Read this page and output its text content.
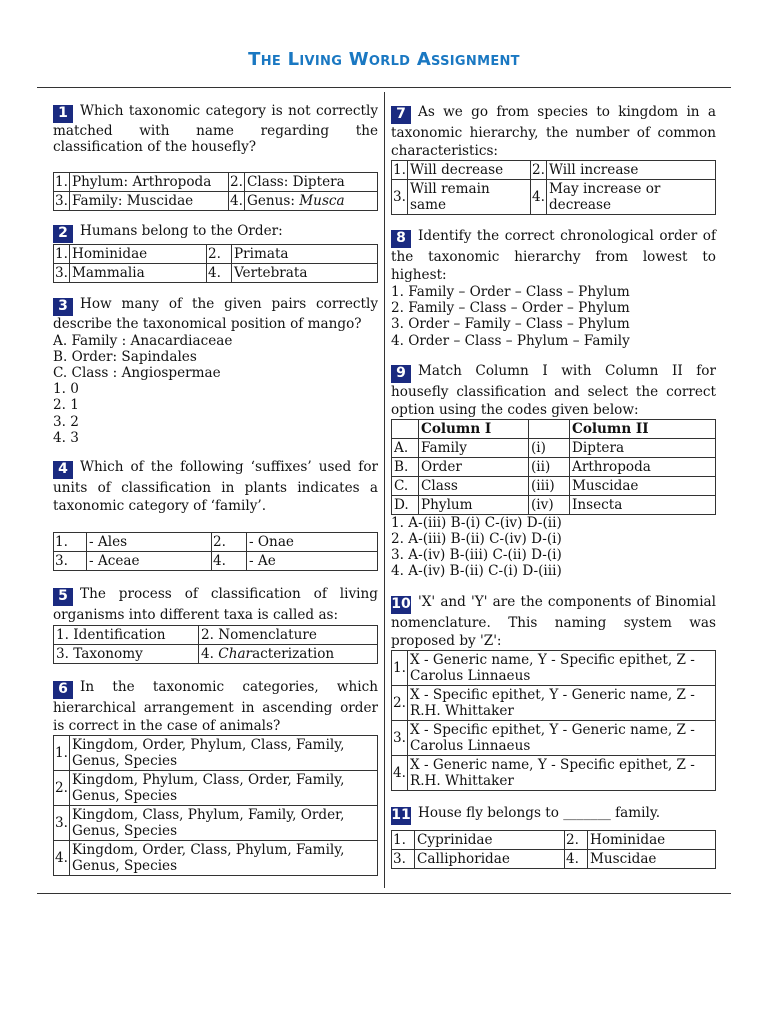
The Living World Assignment

1 Which taxonomic category is not correctly matched with name regarding the classification of the housefly?

1.	Phylum: Arthropoda	2.	Class: Diptera
3.	Family: Muscidae	4.	Genus: Musca

2 Humans belong to the Order:

1.	Hominidae	2.	Primata
3.	Mammalia	4.	Vertebrata

3 How many of the given pairs correctly describe the taxonomical position of mango?

A. Family : Anacardiaceae

B. Order: Sapindales

C. Class : Angiospermae

1. 0

2. 1

3. 2

4. 3

4 Which of the following ‘suffixes’ used for units of classification in plants indicates a taxonomic category of ‘family’.

1.	- Ales	2.	- Onae
3.	- Aceae	4.	- Ae

5 The process of classification of living organisms into different taxa is called as:

1. Identification	2. Nomenclature
3. Taxonomy	4. Characterization

6 In the taxonomic categories, which hierarchical arrangement in ascending order is correct in the case of animals?

1.	Kingdom, Order, Phylum, Class, Family, Genus, Species
2.	Kingdom, Phylum, Class, Order, Family, Genus, Species
3.	Kingdom, Class, Phylum, Family, Order, Genus, Species
4.	Kingdom, Order, Class, Phylum, Family, Genus, Species

7 As we go from species to kingdom in a taxonomic hierarchy, the number of common characteristics:

1.	Will decrease	2.	Will increase
3.	Will remain same	4.	May increase or decrease

8 Identify the correct chronological order of the taxonomic hierarchy from lowest to highest:

1. Family – Order – Class – Phylum

2. Family – Class – Order – Phylum

3. Order – Family – Class – Phylum

4. Order – Class – Phylum – Family

9 Match Column I with Column II for housefly classification and select the correct option using the codes given below:

	Column I		Column II
A.	Family	(i)	Diptera
B.	Order	(ii)	Arthropoda
C.	Class	(iii)	Muscidae
D.	Phylum	(iv)	Insecta

1. A-(iii) B-(i) C-(iv) D-(ii)

2. A-(iii) B-(ii) C-(iv) D-(i)

3. A-(iv) B-(iii) C-(ii) D-(i)

4. A-(iv) B-(ii) C-(i) D-(iii)

10 'X' and 'Y' are the components of Binomial nomenclature. This naming system was proposed by 'Z':

1.	X - Generic name, Y - Specific epithet, Z - Carolus Linnaeus
2.	X - Specific epithet, Y - Generic name, Z - R.H. Whittaker
3.	X - Specific epithet, Y - Generic name, Z - Carolus Linnaeus
4.	X - Generic name, Y - Specific epithet, Z - R.H. Whittaker

11 House fly belongs to _______ family.

1.	Cyprinidae	2.	Hominidae
3.	Calliphoridae	4.	Muscidae
